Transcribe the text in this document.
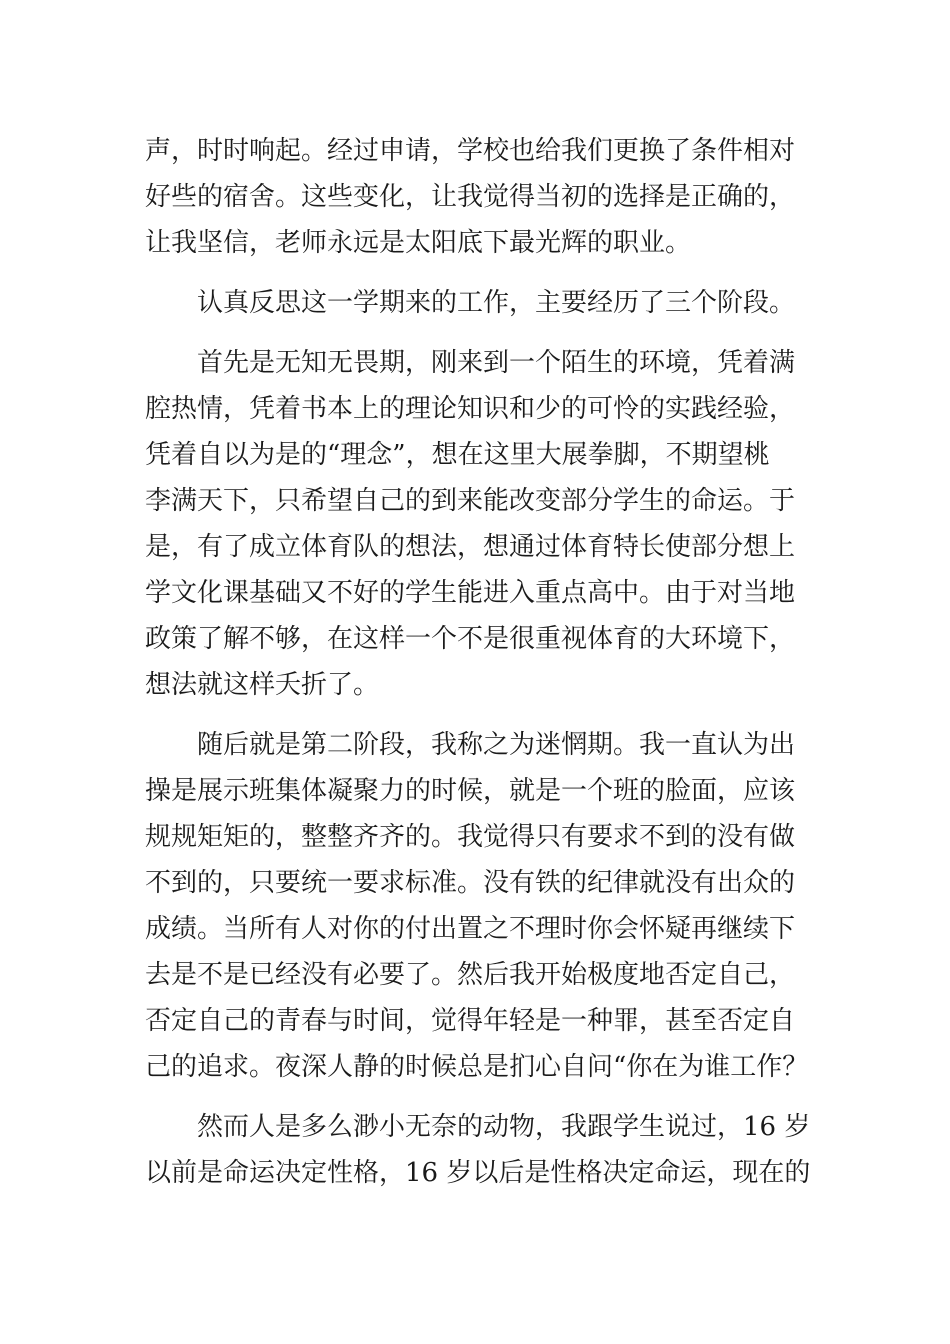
声，时时响起。经过申请，学校也给我们更换了条件相对
好些的宿舍。这些变化，让我觉得当初的选择是正确的，
让我坚信，老师永远是太阳底下最光辉的职业。
认真反思这一学期来的工作，主要经历了三个阶段。
首先是无知无畏期，刚来到一个陌生的环境，凭着满
腔热情，凭着书本上的理论知识和少的可怜的实践经验，
凭着自以为是的“理念”，想在这里大展拳脚，不期望桃
李满天下，只希望自己的到来能改变部分学生的命运。于
是，有了成立体育队的想法，想通过体育特长使部分想上
学文化课基础又不好的学生能进入重点高中。由于对当地
政策了解不够，在这样一个不是很重视体育的大环境下，
想法就这样夭折了。
随后就是第二阶段，我称之为迷惘期。我一直认为出
操是展示班集体凝聚力的时候，就是一个班的脸面，应该
规规矩矩的，整整齐齐的。我觉得只有要求不到的没有做
不到的，只要统一要求标准。没有铁的纪律就没有出众的
成绩。当所有人对你的付出置之不理时你会怀疑再继续下
去是不是已经没有必要了。然后我开始极度地否定自己，
否定自己的青春与时间，觉得年轻是一种罪，甚至否定自
己的追求。夜深人静的时候总是扪心自问“你在为谁工作？
然而人是多么渺小无奈的动物，我跟学生说过，16 岁
以前是命运决定性格，16 岁以后是性格决定命运，现在的
